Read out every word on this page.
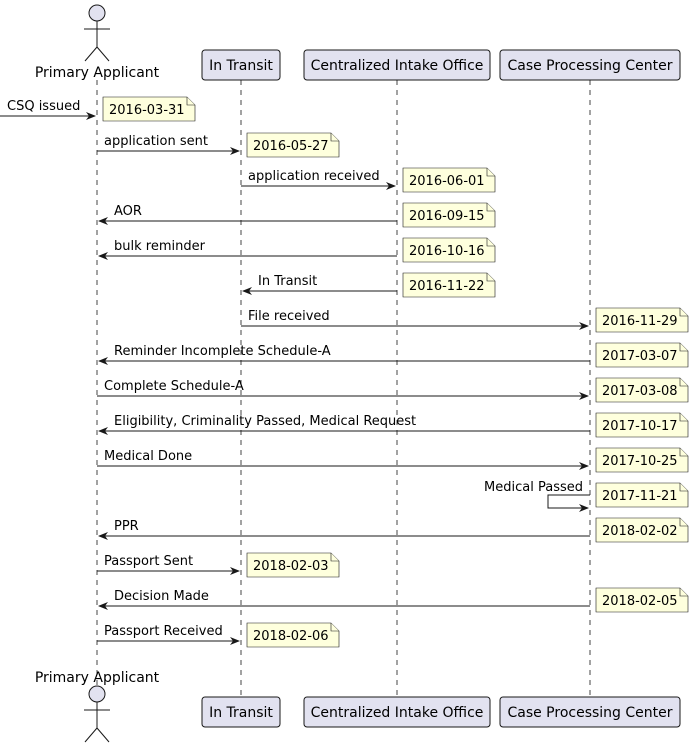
Primary Applicant
Primary Applicant
In Transit
In Transit
Centralized Intake Office
Centralized Intake Office
Case Processing Center
Case Processing Center
CSQ issued 2016-03-31
application sent	2016-05-27
application received 2016-06-01
AOR	2016-09-15
bulk reminder	2016-10-16
In Transit	2016-11-22
File received	2016-11-29
Reminder Incomplete Schedule-A	2017-03-07
Complete Schedule-A	2017-03-08
Eligibility, Criminality Passed, Medical Request	2017-10-17
Medical Done	2017-10-25
Medical Passed
2017-11-21
PPR	2018-02-02
Passport Sent	2018-02-03
Decision Made	2018-02-05
Passport Received 2018-02-06
